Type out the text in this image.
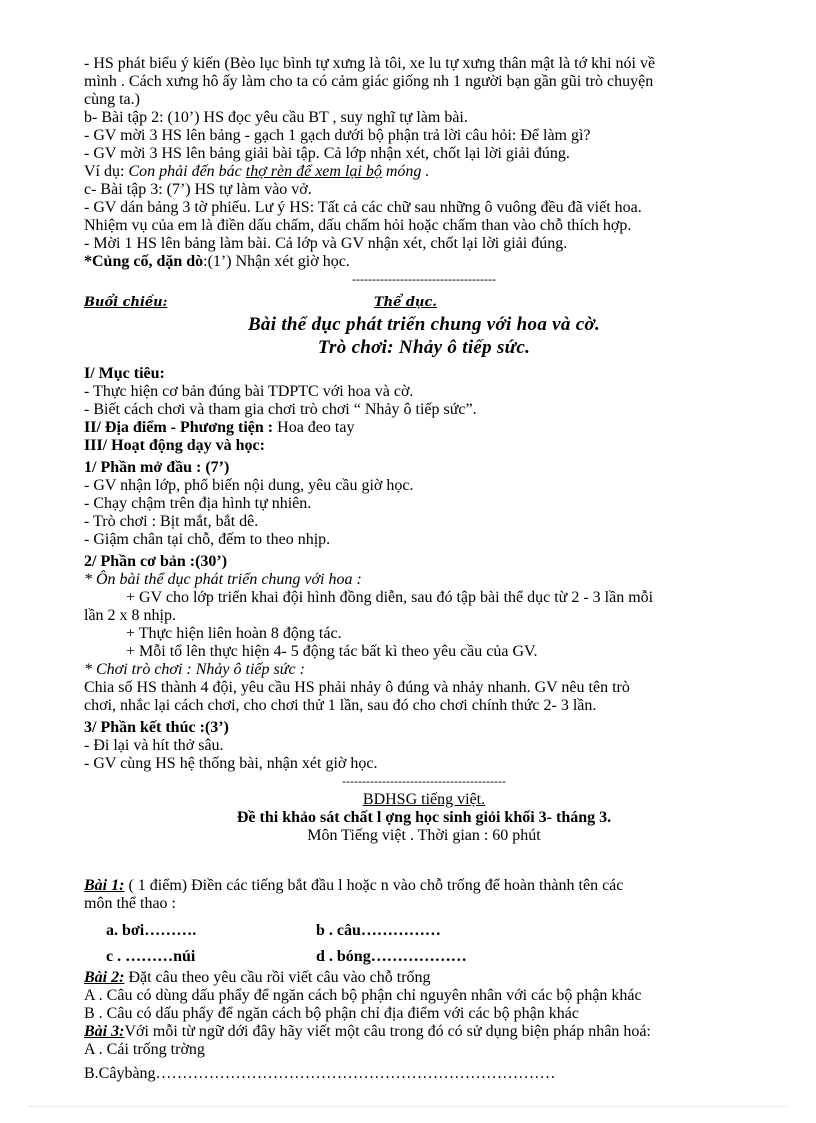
- HS phát biểu ý kiến (Bèo lục bình tự xưng là tôi, xe lu tự xưng thân mật là tớ khi nói về

mình . Cách xưng hô ấy làm cho ta có cảm giác giống nh 1 người bạn gần gũi trò chuyện

cùng ta.)

b- Bài tập 2: (10’) HS đọc yêu cầu BT , suy nghĩ tự làm bài.

- GV mời 3 HS lên bảng - gạch 1 gạch dưới bộ phận trả lời câu hỏi: Để làm gì?

- GV mời 3 HS lên bảng giải bài tập. Cả lớp nhận xét, chốt lại lời giải đúng.

Ví dụ: Con phải đến bác thợ rèn để xem lại bộ móng .

c- Bài tập 3: (7’) HS tự làm vào vở.

- GV dán bảng 3 tờ phiếu. Lư ý HS: Tất cả các chữ sau những ô vuông đều đã viết hoa.

Nhiệm vụ của em là điền dấu chấm, dấu chấm hỏi hoặc chấm than vào chỗ thích hợp.

- Mời 1 HS lên bảng làm bài. Cả lớp và GV nhận xét, chốt lại lời giải đúng.

*Củng cố, dặn dò:(1’) Nhận xét giờ học.

------------------------------------
Buổi chiều:	Thể dục.

Bài thể dục phát triển chung với hoa và cờ.

Trò chơi: Nhảy ô tiếp sức.

I/ Mục tiêu:

- Thực hiện cơ bản đúng bài TDPTC với hoa và cờ.

- Biết cách chơi và tham gia chơi trò chơi “ Nhảy ô tiếp sức”.

II/ Địa điểm - Phương tiện : Hoa đeo tay

III/ Hoạt động dạy và học:

1/ Phần mở đầu : (7’)

- GV nhận lớp, phổ biến nội dung, yêu cầu giờ học.

- Chạy chậm trên địa hình tự nhiên.

- Trò chơi : Bịt mắt, bắt dê.

- Giậm chân tại chỗ, đếm to theo nhịp.

2/ Phần cơ bản :(30’)

* Ôn bài thể dục phát triển chung với hoa :

+ GV cho lớp triển khai đội hình đồng diễn, sau đó tập bài thể dục từ 2 - 3 lần mỗi

lần 2 x 8 nhịp.

+ Thực hiện liên hoàn 8 động tác.

+ Mỗi tổ lên thực hiện 4- 5 động tác bất kì theo yêu cầu của GV.

* Chơi trò chơi : Nhảy ô tiếp sức :

Chia số HS thành 4 đội, yêu cầu HS phải nhảy ô đúng và nhảy nhanh. GV nêu tên trò

chơi, nhắc lại cách chơi, cho chơi thử 1 lần, sau đó cho chơi chính thức 2- 3 lần.

3/ Phần kết thúc :(3’)

- Đi lại và hít thở sâu.

- GV cùng HS hệ thống bài, nhận xét giờ học.

-----------------------------------------

BDHSG tiếng việt.

Đề thi khảo sát chất l ợng học sinh giỏi khối 3- tháng 3.

Môn Tiếng việt . Thời gian : 60 phút

Bài 1: ( 1 điểm) Điền các tiếng bắt đầu l hoặc n vào chỗ trống để hoàn thành tên các

môn thể thao :

a. bơi……….	b . câu……………
c . ………núi	d . bóng………………

Bài 2: Đặt câu theo yêu cầu rồi viết câu vào chỗ trống

A . Câu có dùng dấu phẩy để ngăn cách bộ phận chỉ nguyên nhân với các bộ phận khác

B . Câu có dấu phẩy để ngăn cách bộ phận chỉ địa điểm với các bộ phận khác

Bài 3:Với mỗi từ ngữ dới đây hãy viết một câu trong đó có sử dụng biện pháp nhân hoá:

A . Cái trống trờng

B.Câybàng…………………………………………………………………
